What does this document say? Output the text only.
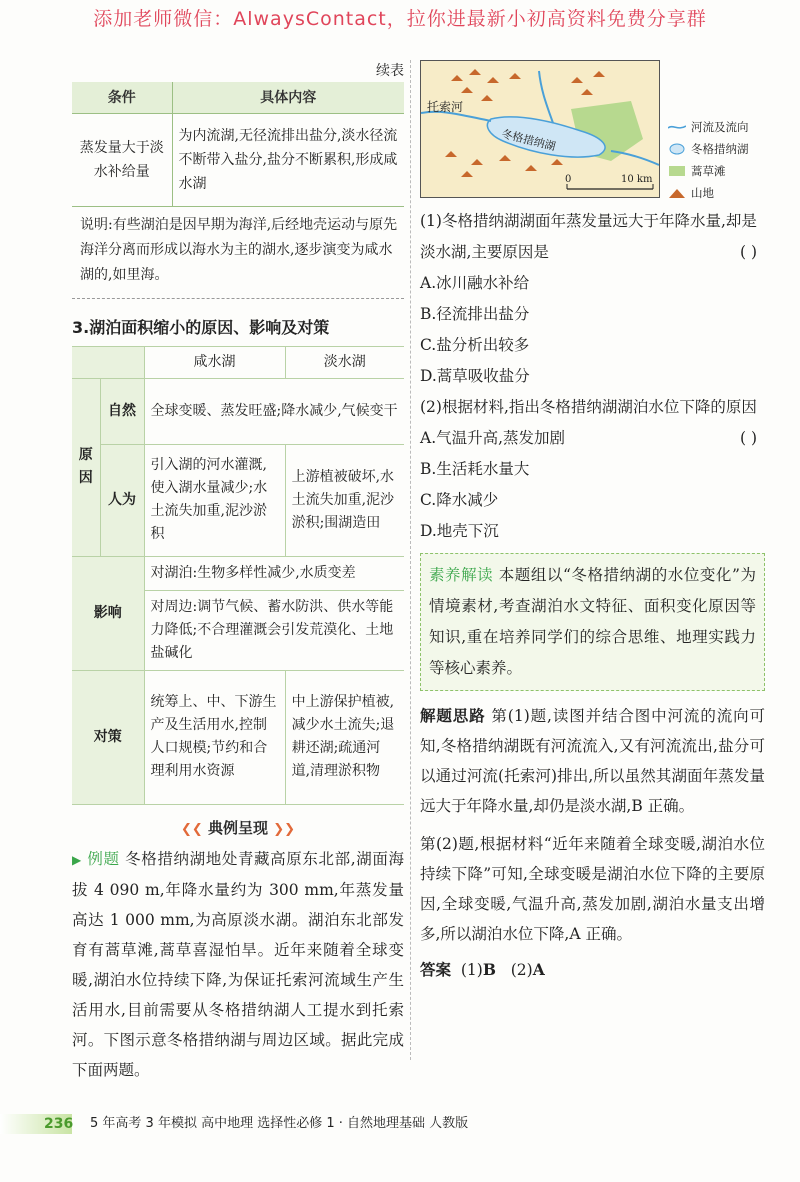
添加老师微信：AlwaysContact，拉你进最新小初高资料免费分享群
续表
条件	具体内容
蒸发量大于淡水补给量	为内流湖,无径流排出盐分,淡水径流不断带入盐分,盐分不断累积,形成咸水湖
说明:有些湖泊是因早期为海洋,后经地壳运动与原先海洋分离而形成以海水为主的湖水,逐步演变为咸水湖的,如里海。
3.湖泊面积缩小的原因、影响及对策
		咸水湖	淡水湖
原因	自然	全球变暖、蒸发旺盛;降水减少,气候变干	
	人为	引入湖的河水灌溉,使入湖水量减少;水土流失加重,泥沙淤积	上游植被破坏,水土流失加重,泥沙淤积;围湖造田
影响		对湖泊:生物多样性减少,水质变差	
		对周边:调节气候、蓄水防洪、供水等能力降低;不合理灌溉会引发荒漠化、土地盐碱化	
对策		统筹上、中、下游生产及生活用水,控制人口规模;节约和合理利用水资源	中上游保护植被,减少水土流失;退耕还湖;疏通河道,清理淤积物
❮❮ 典例呈现 ❯❯
▶ 例题 冬格措纳湖地处青藏高原东北部,湖面海拔 4 090 m,年降水量约为 300 mm,年蒸发量高达 1 000 mm,为高原淡水湖。湖泊东北部发育有蒿草滩,蒿草喜湿怕旱。近年来随着全球变暖,湖泊水位持续下降,为保证托索河流域生产生活用水,目前需要从冬格措纳湖人工提水到托索河。下图示意冬格措纳湖与周边区域。据此完成下面两题。
托索河
冬格措纳湖
0	10 km
(1)冬格措纳湖湖面年蒸发量远大于年降水量,却是淡水湖,主要原因是	( )
A.冰川融水补给
B.径流排出盐分
C.盐分析出较多
D.蒿草吸收盐分
(2)根据材料,指出冬格措纳湖湖泊水位下降的原因
( )
A.气温升高,蒸发加剧
B.生活耗水量大
C.降水减少
D.地壳下沉
素养解读 本题组以“冬格措纳湖的水位变化”为情境素材,考查湖泊水文特征、面积变化原因等知识,重在培养同学们的综合思维、地理实践力等核心素养。
解题思路 第(1)题,读图并结合图中河流的流向可知,冬格措纳湖既有河流流入,又有河流流出,盐分可以通过河流(托索河)排出,所以虽然其湖面年蒸发量远大于年降水量,却仍是淡水湖,B 正确。
第(2)题,根据材料“近年来随着全球变暖,湖泊水位持续下降”可知,全球变暖是湖泊水位下降的主要原因,全球变暖,气温升高,蒸发加剧,湖泊水量支出增多,所以湖泊水位下降,A 正确。
答案 (1)B (2)A
河流及流向
冬格措纳湖
蒿草滩
山地
236 5 年高考 3 年模拟 高中地理 选择性必修 1 · 自然地理基础 人教版
